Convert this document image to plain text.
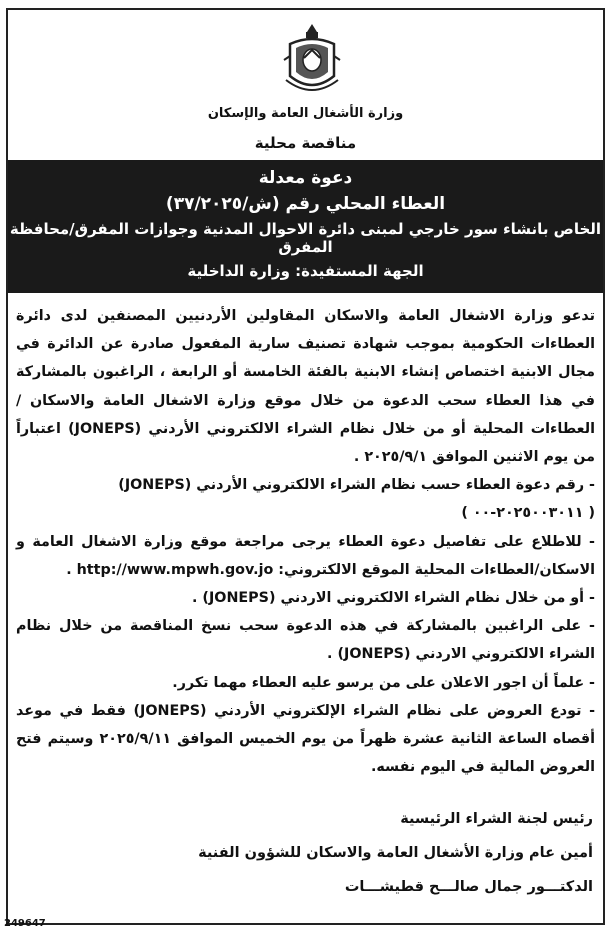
وزارة الأشغال العامة والإسكان
مناقصة محلية
دعوة معدلة
العطاء المحلي رقم (ش/٣٧/٢٠٢٥)
الخاص بانشاء سور خارجي لمبنى دائرة الاحوال المدنية وجوازات المفرق/محافظة المفرق
الجهة المستفيدة: وزارة الداخلية

تدعو وزارة الاشغال العامة والاسكان المقاولين الأردنيين المصنفين لدى دائرة العطاءات الحكومية بموجب شهادة تصنيف سارية المفعول صادرة عن الدائرة في مجال الابنية اختصاص إنشاء الابنية بالفئة الخامسة أو الرابعة ، الراغبون بالمشاركة في هذا العطاء سحب الدعوة من خلال موقع وزارة الاشغال العامة والاسكان / العطاءات المحلية أو من خلال نظام الشراء الالكتروني الأردني (JONEPS) اعتباراً من يوم الاثنين الموافق ٢٠٢٥/٩/١ .

- رقم دعوة العطاء حسب نظام الشراء الالكتروني الأردني (JONEPS)

( ٢٠٢٥٠٠٣٠١١-٠٠ )

- للاطلاع على تفاصيل دعوة العطاء يرجى مراجعة موقع وزارة الاشغال العامة و الاسكان/العطاءات المحلية الموقع الالكتروني: http://www.mpwh.gov.jo .

- أو من خلال نظام الشراء الالكتروني الاردني (JONEPS) .

- على الراغبين بالمشاركة في هذه الدعوة سحب نسخ المناقصة من خلال نظام الشراء الالكتروني الاردني (JONEPS) .

- علماً أن اجور الاعلان على من يرسو عليه العطاء مهما تكرر.

- تودع العروض على نظام الشراء الإلكتروني الأردني (JONEPS) فقط في موعد أقصاه الساعة الثانية عشرة ظهراً من يوم الخميس الموافق ٢٠٢٥/٩/١١ وسيتم فتح العروض المالية في اليوم نفسه.

رئيس لجنة الشراء الرئيسية
أمين عام وزارة الأشغال العامة والاسكان للشؤون الفنية
الدكتـــور جمال صالـــح قطيشـــات
249647
